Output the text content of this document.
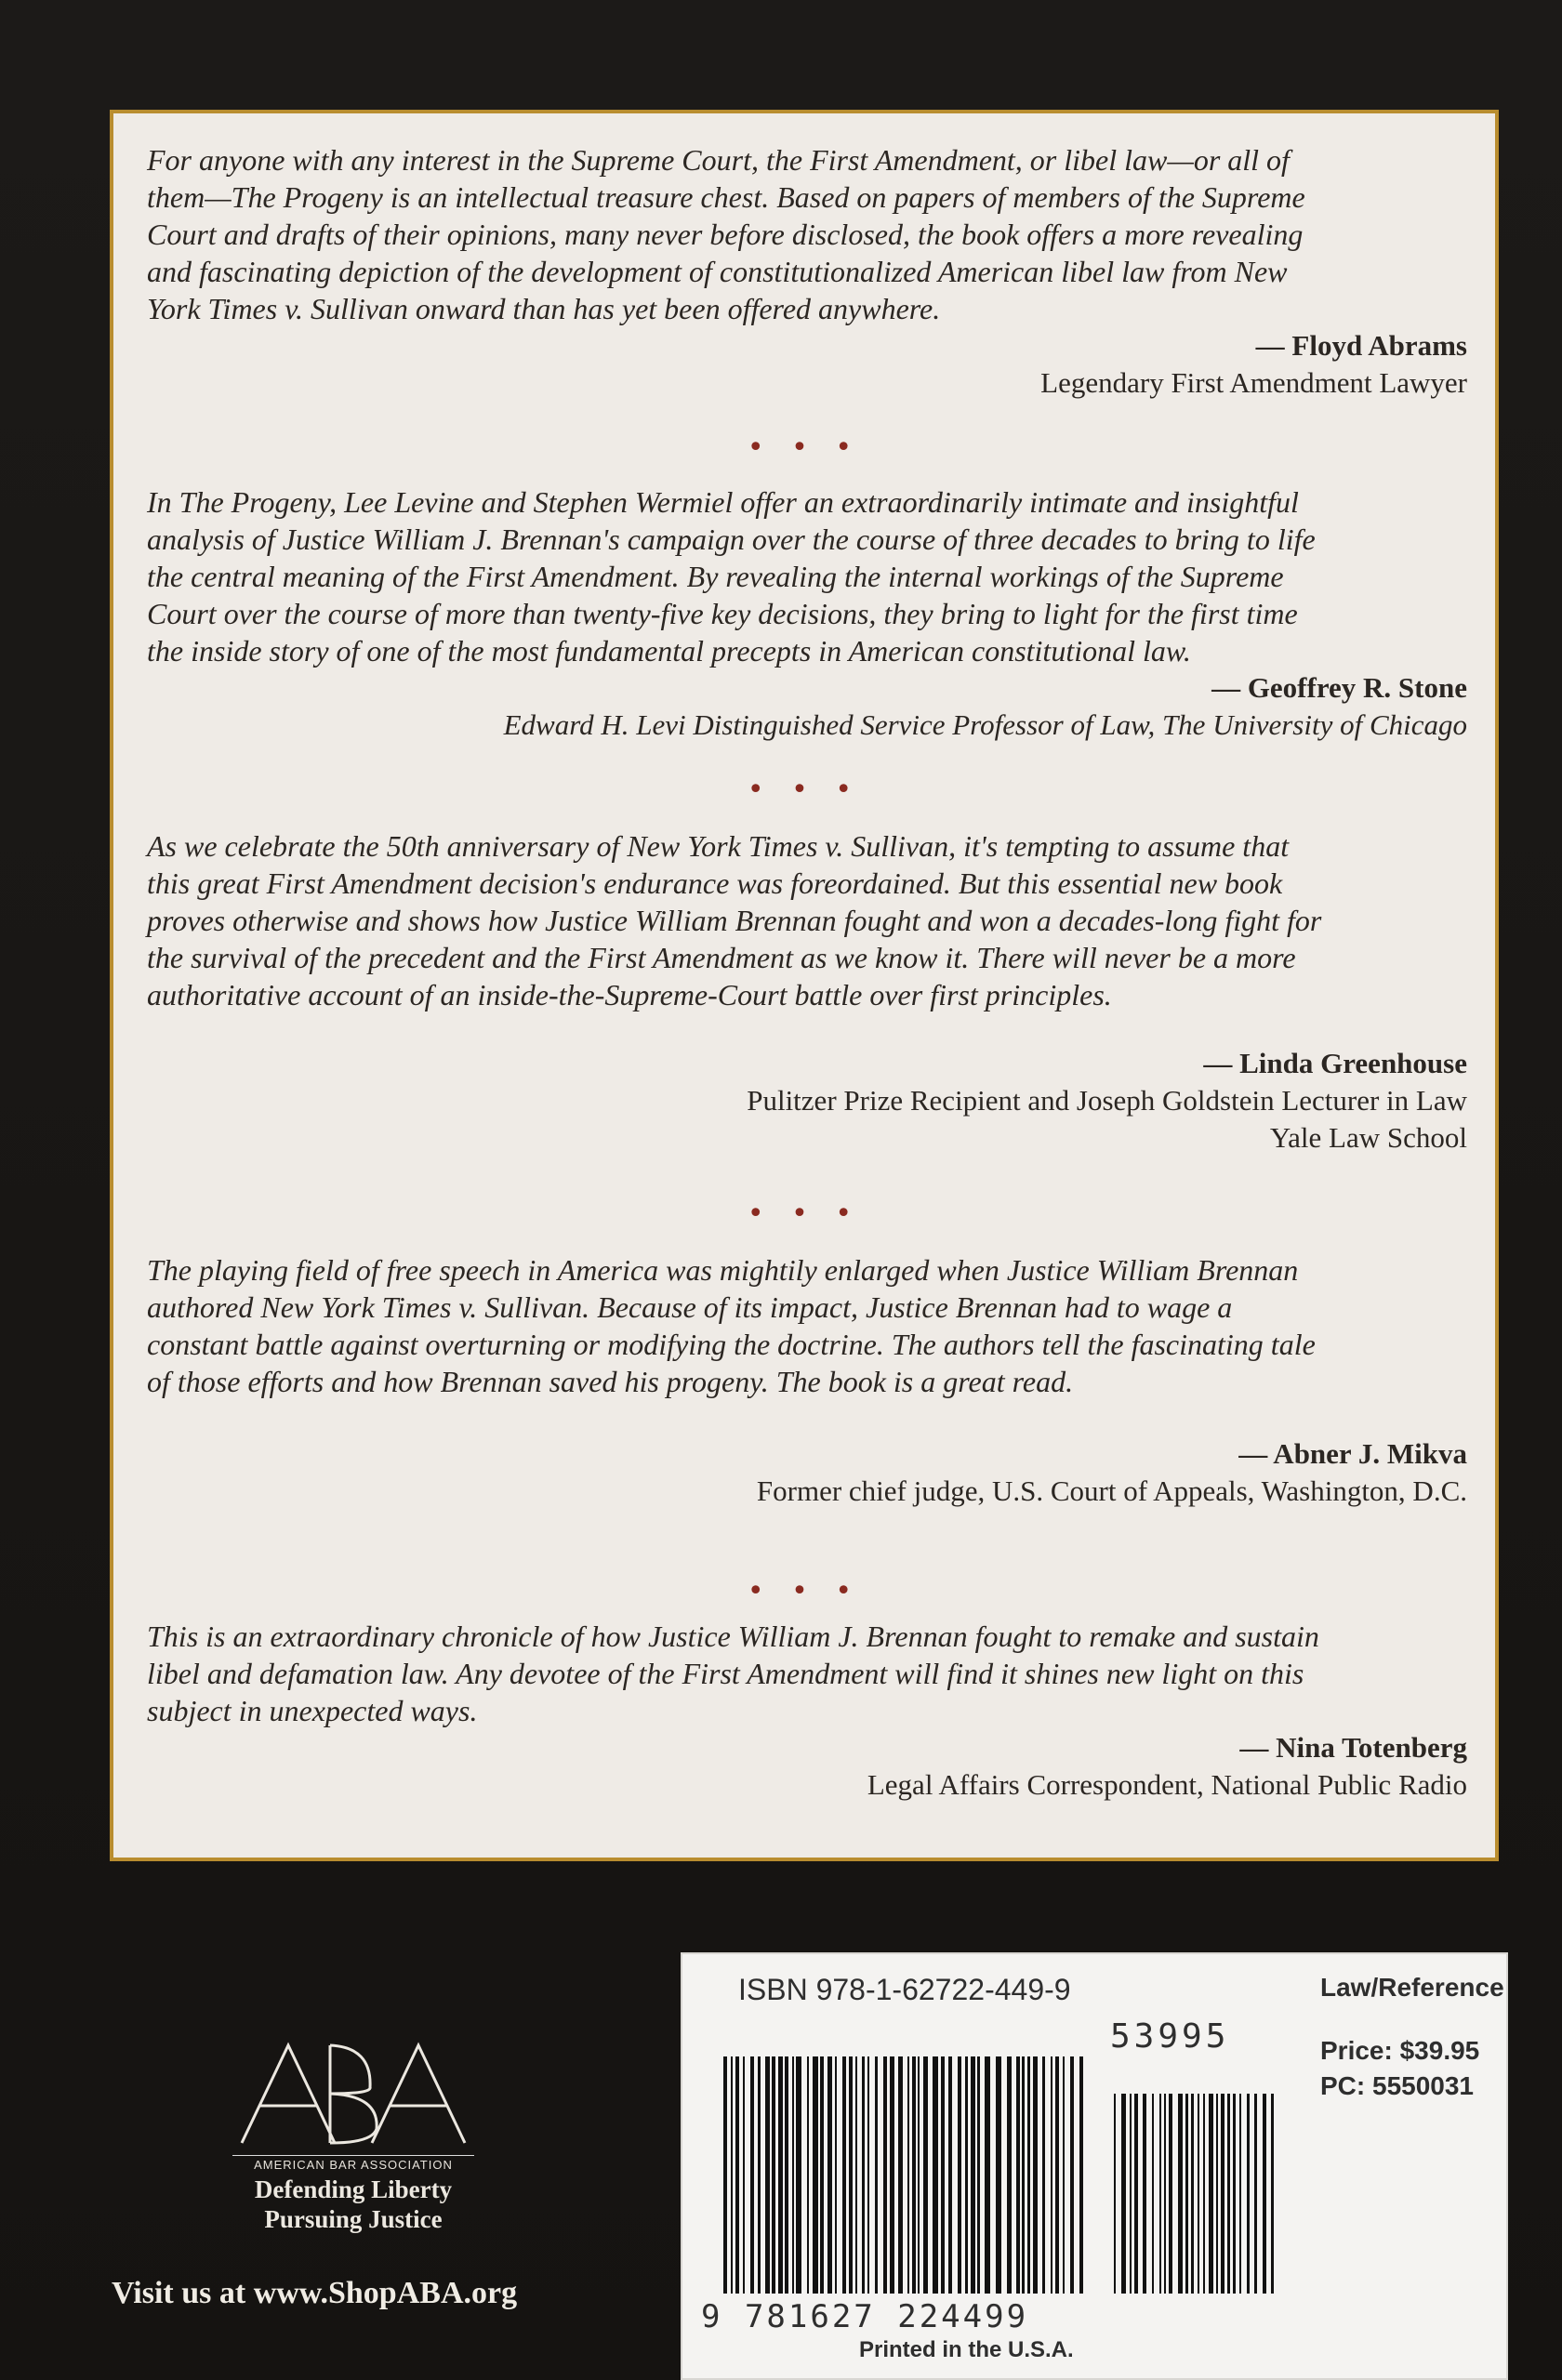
For anyone with any interest in the Supreme Court, the First Amendment, or libel law—or all of

them—The Progeny is an intellectual treasure chest. Based on papers of members of the Supreme

Court and drafts of their opinions, many never before disclosed, the book offers a more revealing

and fascinating depiction of the development of constitutionalized American libel law from New

York Times v. Sullivan onward than has yet been offered anywhere.

— Floyd Abrams
Legendary First Amendment Lawyer
• • •

In The Progeny, Lee Levine and Stephen Wermiel offer an extraordinarily intimate and insightful

analysis of Justice William J. Brennan's campaign over the course of three decades to bring to life

the central meaning of the First Amendment. By revealing the internal workings of the Supreme

Court over the course of more than twenty-five key decisions, they bring to light for the first time

the inside story of one of the most fundamental precepts in American constitutional law.

— Geoffrey R. Stone
Edward H. Levi Distinguished Service Professor of Law, The University of Chicago
• • •

As we celebrate the 50th anniversary of New York Times v. Sullivan, it's tempting to assume that

this great First Amendment decision's endurance was foreordained. But this essential new book

proves otherwise and shows how Justice William Brennan fought and won a decades-long fight for

the survival of the precedent and the First Amendment as we know it. There will never be a more

authoritative account of an inside-the-Supreme-Court battle over first principles.

— Linda Greenhouse
Pulitzer Prize Recipient and Joseph Goldstein Lecturer in Law
Yale Law School
• • •

The playing field of free speech in America was mightily enlarged when Justice William Brennan

authored New York Times v. Sullivan. Because of its impact, Justice Brennan had to wage a

constant battle against overturning or modifying the doctrine. The authors tell the fascinating tale

of those efforts and how Brennan saved his progeny. The book is a great read.

— Abner J. Mikva
Former chief judge, U.S. Court of Appeals, Washington, D.C.
• • •

This is an extraordinary chronicle of how Justice William J. Brennan fought to remake and sustain

libel and defamation law. Any devotee of the First Amendment will find it shines new light on this

subject in unexpected ways.

— Nina Totenberg
Legal Affairs Correspondent, National Public Radio
AMERICAN BAR ASSOCIATION
Defending Liberty
Pursuing Justice
Visit us at www.ShopABA.org
ISBN 978-1-62722-449-9	Law/Reference
53995	Price: $39.95
PC: 5550031
9 781627 224499
Printed in the U.S.A.
